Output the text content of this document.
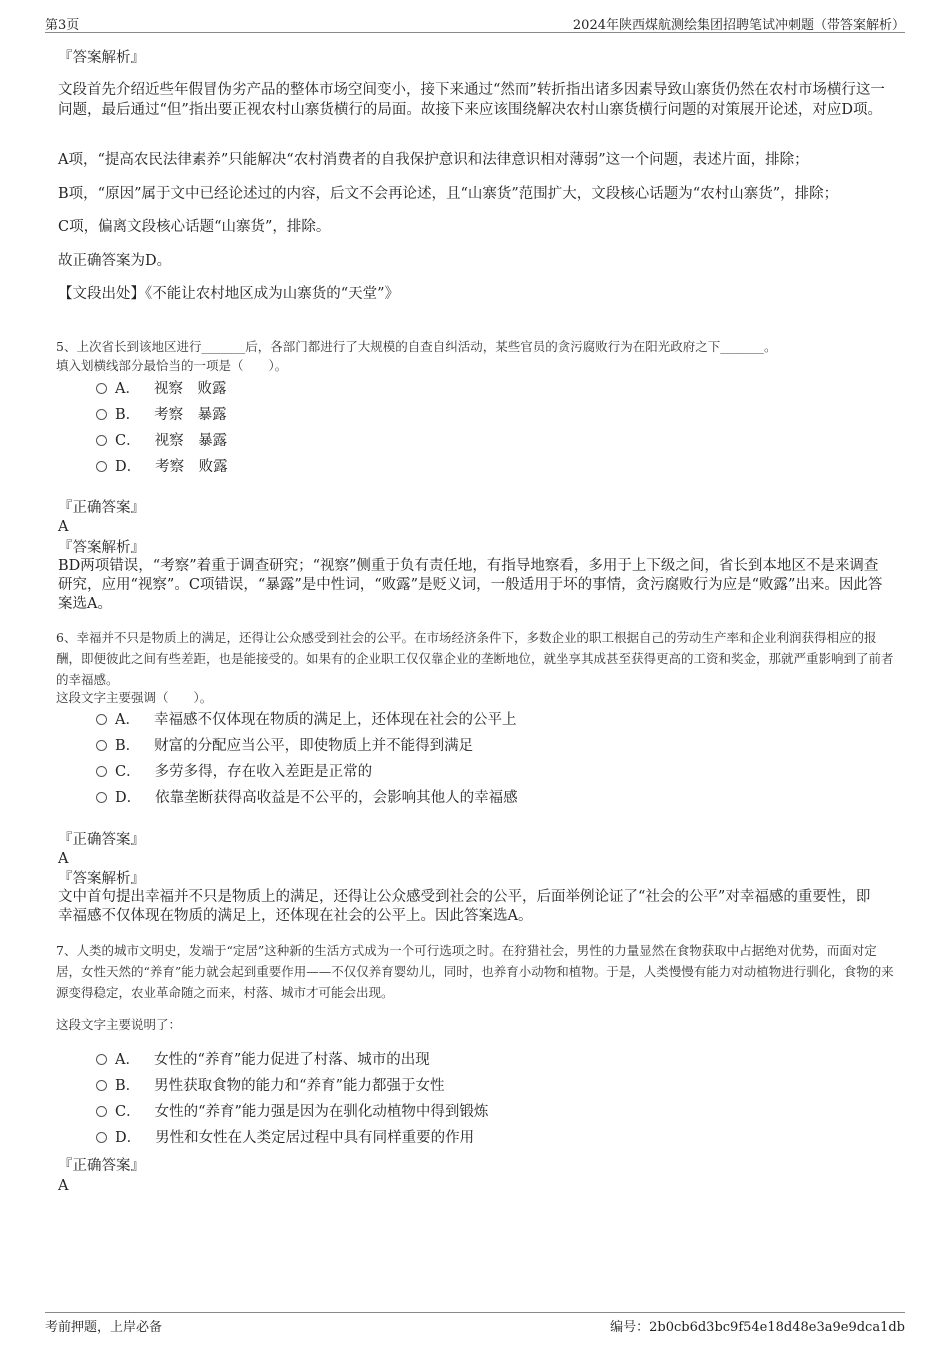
第3页	2024年陕西煤航测绘集团招聘笔试冲刺题（带答案解析）
『答案解析』
文段首先介绍近些年假冒伪劣产品的整体市场空间变小，接下来通过“然而”转折指出诸多因素导致山寨货仍然在农村市场横行这一问题，最后通过“但”指出要正视农村山寨货横行的局面。故接下来应该围绕解决农村山寨货横行问题的对策展开论述，对应D项。
A项，“提高农民法律素养”只能解决“农村消费者的自我保护意识和法律意识相对薄弱”这一个问题，表述片面，排除；
B项，“原因”属于文中已经论述过的内容，后文不会再论述，且“山寨货”范围扩大，文段核心话题为“农村山寨货”，排除；
C项，偏离文段核心话题“山寨货”，排除。
故正确答案为D。
【文段出处】《不能让农村地区成为山寨货的“天堂”》
5、上次省长到该地区进行_______后，各部门都进行了大规模的自查自纠活动，某些官员的贪污腐败行为在阳光政府之下_______。
填入划横线部分最恰当的一项是（　　）。
A． 视察　败露
B． 考察　暴露
C． 视察　暴露
D． 考察　败露
『正确答案』
A
『答案解析』
BD两项错误，“考察”着重于调查研究；“视察”侧重于负有责任地，有指导地察看，多用于上下级之间，省长到本地区不是来调查研究，应用“视察”。C项错误，“暴露”是中性词，“败露”是贬义词，一般适用于坏的事情，贪污腐败行为应是“败露”出来。因此答案选A。
6、幸福并不只是物质上的满足，还得让公众感受到社会的公平。在市场经济条件下，多数企业的职工根据自己的劳动生产率和企业利润获得相应的报酬，即便彼此之间有些差距，也是能接受的。如果有的企业职工仅仅靠企业的垄断地位，就坐享其成甚至获得更高的工资和奖金，那就严重影响到了前者的幸福感。
这段文字主要强调（　　）。
A． 幸福感不仅体现在物质的满足上，还体现在社会的公平上
B． 财富的分配应当公平，即使物质上并不能得到满足
C． 多劳多得，存在收入差距是正常的
D． 依靠垄断获得高收益是不公平的，会影响其他人的幸福感
『正确答案』
A
『答案解析』
文中首句提出幸福并不只是物质上的满足，还得让公众感受到社会的公平，后面举例论证了“社会的公平”对幸福感的重要性，即幸福感不仅体现在物质的满足上，还体现在社会的公平上。因此答案选A。
7、人类的城市文明史，发端于“定居”这种新的生活方式成为一个可行选项之时。在狩猎社会，男性的力量显然在食物获取中占据绝对优势，而面对定居，女性天然的“养育”能力就会起到重要作用——不仅仅养育婴幼儿，同时，也养育小动物和植物。于是，人类慢慢有能力对动植物进行驯化，食物的来源变得稳定，农业革命随之而来，村落、城市才可能会出现。
这段文字主要说明了：
A． 女性的“养育”能力促进了村落、城市的出现
B． 男性获取食物的能力和“养育”能力都强于女性
C． 女性的“养育”能力强是因为在驯化动植物中得到锻炼
D． 男性和女性在人类定居过程中具有同样重要的作用
『正确答案』
A
考前押题，上岸必备	编号：2b0cb6d3bc9f54e18d48e3a9e9dca1db
